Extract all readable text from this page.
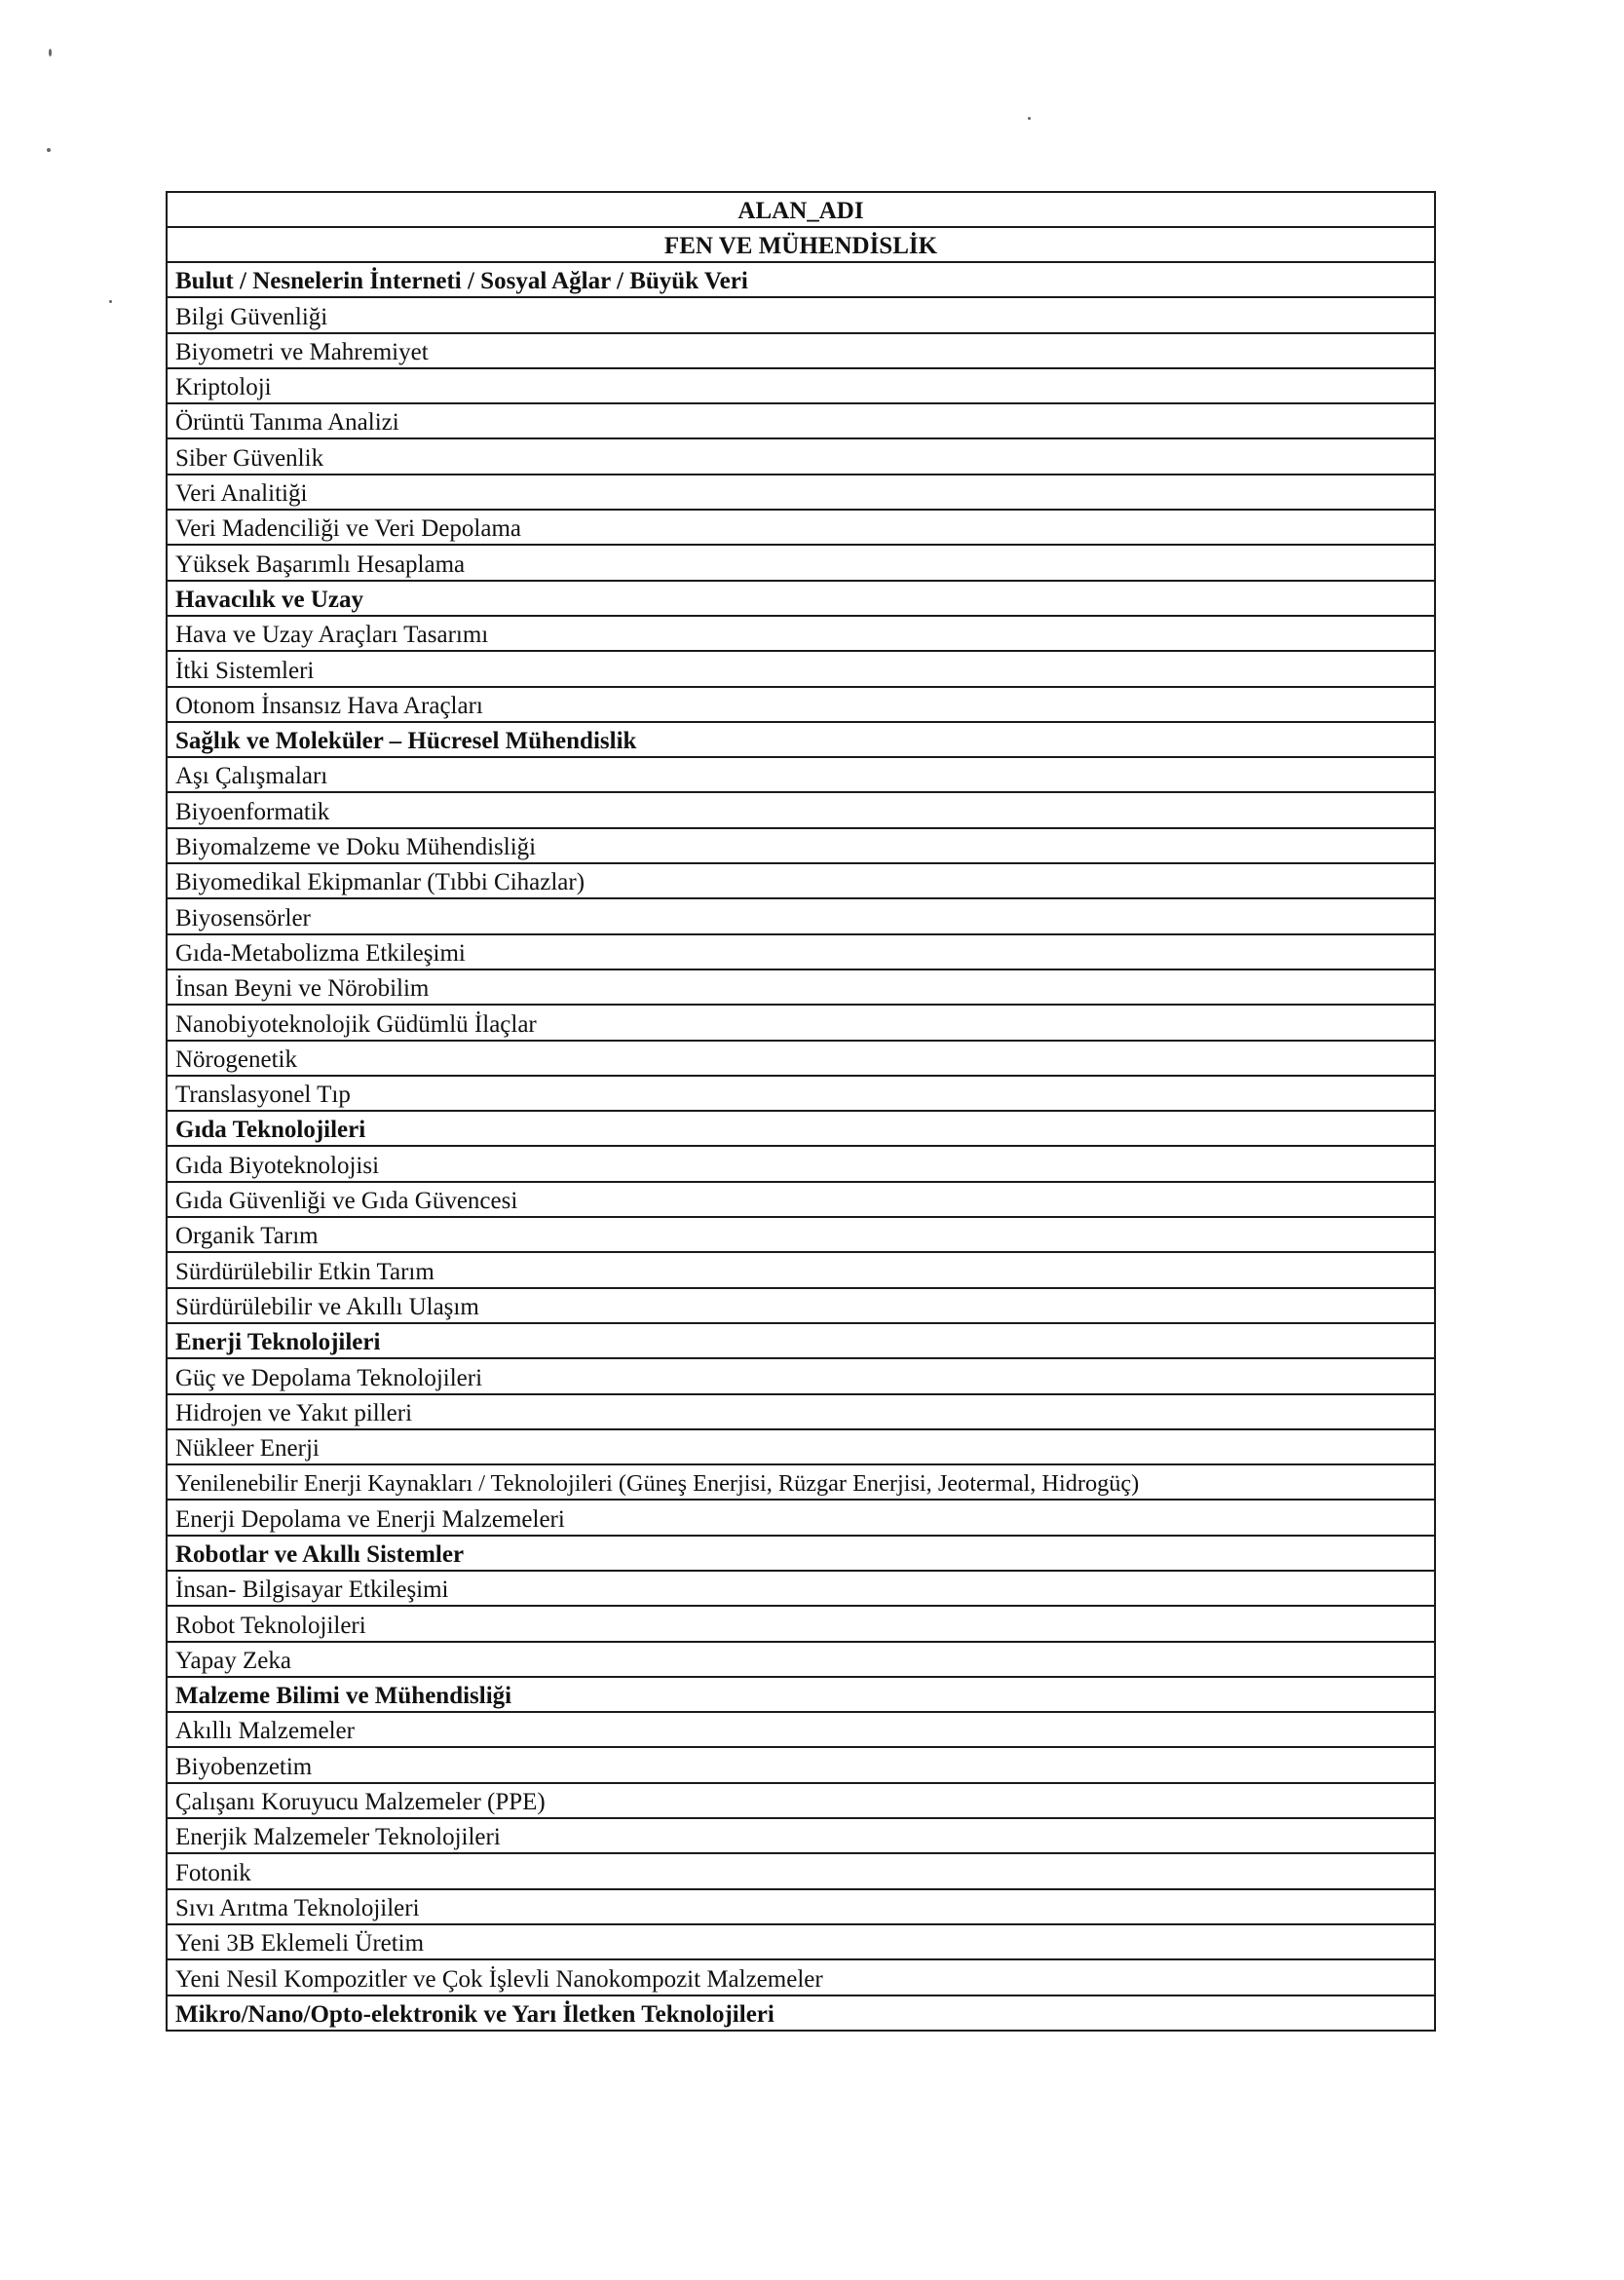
ALAN_ADI
FEN VE MÜHENDİSLİK
Bulut / Nesnelerin İnterneti / Sosyal Ağlar / Büyük Veri
Bilgi Güvenliği
Biyometri ve Mahremiyet
Kriptoloji
Örüntü Tanıma Analizi
Siber Güvenlik
Veri Analitiği
Veri Madenciliği ve Veri Depolama
Yüksek Başarımlı Hesaplama
Havacılık ve Uzay
Hava ve Uzay Araçları Tasarımı
İtki Sistemleri
Otonom İnsansız Hava Araçları
Sağlık ve Moleküler – Hücresel Mühendislik
Aşı Çalışmaları
Biyoenformatik
Biyomalzeme ve Doku Mühendisliği
Biyomedikal Ekipmanlar (Tıbbi Cihazlar)
Biyosensörler
Gıda-Metabolizma Etkileşimi
İnsan Beyni ve Nörobilim
Nanobiyoteknolojik Güdümlü İlaçlar
Nörogenetik
Translasyonel Tıp
Gıda Teknolojileri
Gıda Biyoteknolojisi
Gıda Güvenliği ve Gıda Güvencesi
Organik Tarım
Sürdürülebilir Etkin Tarım
Sürdürülebilir ve Akıllı Ulaşım
Enerji Teknolojileri
Güç ve Depolama Teknolojileri
Hidrojen ve Yakıt pilleri
Nükleer Enerji
Yenilenebilir Enerji Kaynakları / Teknolojileri (Güneş Enerjisi, Rüzgar Enerjisi, Jeotermal, Hidrogüç)
Enerji Depolama ve Enerji Malzemeleri
Robotlar ve Akıllı Sistemler
İnsan- Bilgisayar Etkileşimi
Robot Teknolojileri
Yapay Zeka
Malzeme Bilimi ve Mühendisliği
Akıllı Malzemeler
Biyobenzetim
Çalışanı Koruyucu Malzemeler (PPE)
Enerjik Malzemeler Teknolojileri
Fotonik
Sıvı Arıtma Teknolojileri
Yeni 3B Eklemeli Üretim
Yeni Nesil Kompozitler ve Çok İşlevli Nanokompozit Malzemeler
Mikro/Nano/Opto-elektronik ve Yarı İletken Teknolojileri
